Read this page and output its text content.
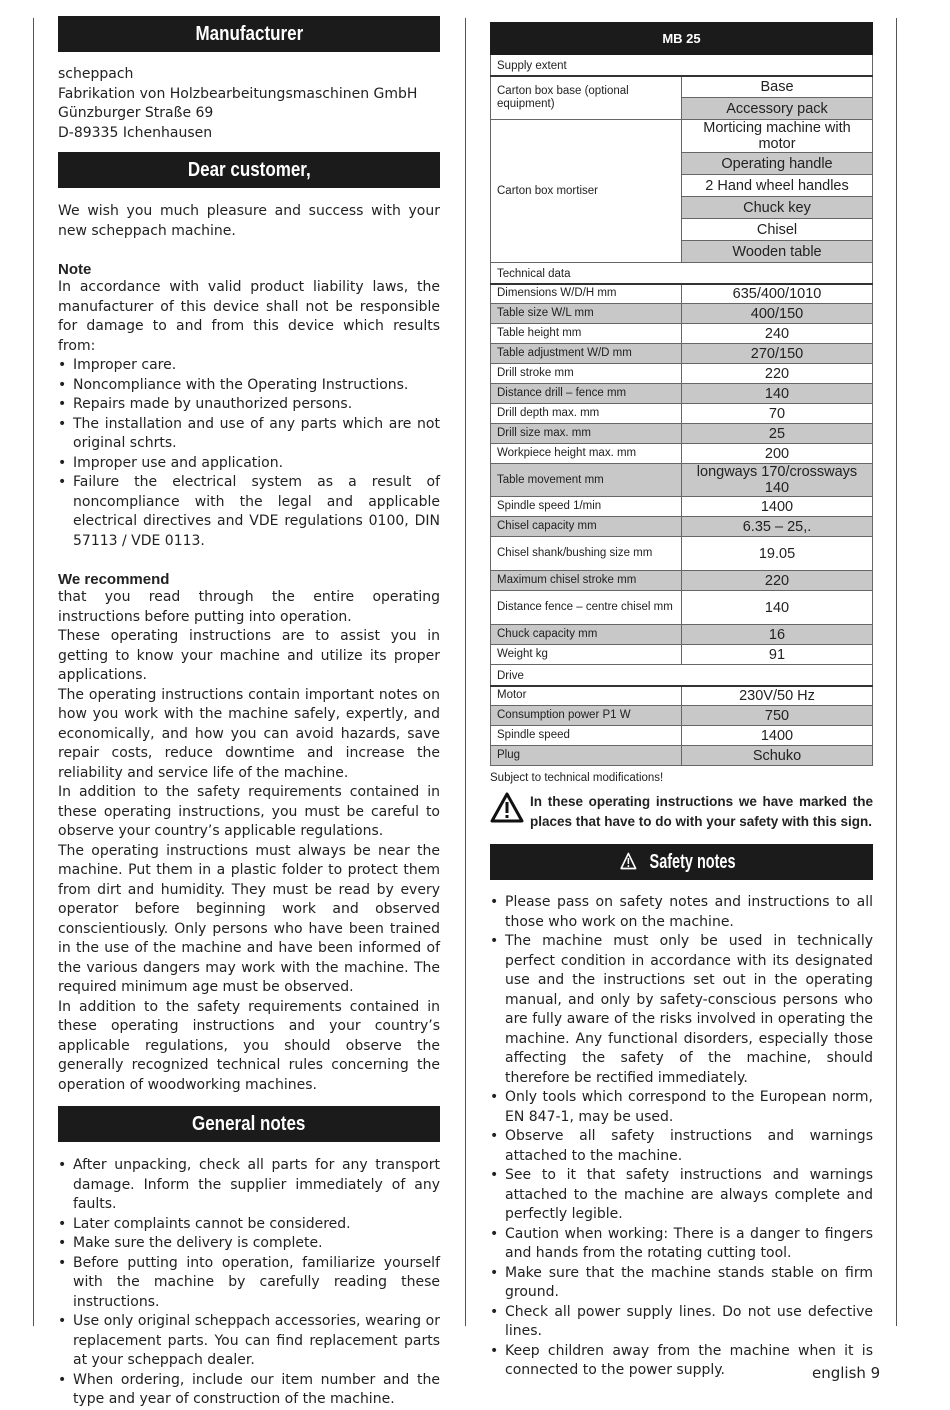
Manufacturer
scheppach
Fabrikation von Holzbearbeitungsmaschinen GmbH
Günzburger Straße 69
D-89335 Ichenhausen
Dear customer,

We wish you much pleasure and success with your new scheppach machine.

Note

In accordance with valid product liability laws, the manufacturer of this device shall not be responsible for damage to and from this device which results from:

• Improper care.
• Noncompliance with the Operating Instructions.
• Repairs made by unauthorized persons.
• The installation and use of any parts which are not original schrts.
• Improper use and application.
• Failure the electrical system as a result of noncompliance with the legal and applicable electrical directives and VDE regulations 0100, DIN 57113 / VDE 0113.

We recommend

that you read through the entire operating instructions before putting into operation.

These operating instructions are to assist you in getting to know your machine and utilize its proper applications.

The operating instructions contain important notes on how you work with the machine safely, expertly, and economically, and how you can avoid hazards, save repair costs, reduce downtime and increase the reliability and service life of the machine.

In addition to the safety requirements contained in these operating instructions, you must be careful to observe your country’s applicable regulations.

The operating instructions must always be near the machine. Put them in a plastic folder to protect them from dirt and humidity. They must be read by every operator before beginning work and observed conscientiously. Only persons who have been trained in the use of the machine and have been informed of the various dangers may work with the machine. The required minimum age must be observed.

In addition to the safety requirements contained in these operating instructions and your country’s applicable regulations, you should observe the generally recognized technical rules concerning the operation of woodworking machines.

General notes
• After unpacking, check all parts for any transport damage. Inform the supplier immediately of any faults.
• Later complaints cannot be considered.
• Make sure the delivery is complete.
• Before putting into operation, familiarize yourself with the machine by carefully reading these instructions.
• Use only original scheppach accessories, wearing or replacement parts. You can find replacement parts at your scheppach dealer.
• When ordering, include our item number and the type and year of construction of the machine.
MB 25	
Supply extent	
Carton box base (optional equipment)	Base
	Accessory pack
Carton box mortiser	Morticing machine with motor
	Operating handle
	2 Hand wheel handles
	Chuck key
	Chisel
	Wooden table
Technical data	
Dimensions W/D/H mm	635/400/1010
Table size W/L mm	400/150
Table height mm	240
Table adjustment W/D mm	270/150
Drill stroke mm	220
Distance drill – fence mm	140
Drill depth max. mm	70
Drill size max. mm	25
Workpiece height max. mm	200
Table movement mm	longways 170/crossways 140
Spindle speed 1/min	1400
Chisel capacity mm	6.35 – 25,.
Chisel shank/bushing size mm	19.05
Maximum chisel stroke mm	220
Distance fence – centre chisel mm	140
Chuck capacity mm	16
Weight kg	91
Drive	
Motor	230V/50 Hz
Consumption power P1 W	750
Spindle speed	1400
Plug	Schuko

Subject to technical modifications!

In these operating instructions we have marked the places that have to do with your safety with this sign.

Safety notes
• Please pass on safety notes and instructions to all those who work on the machine.
• The machine must only be used in technically perfect condition in accordance with its designated use and the instructions set out in the operating manual, and only by safety-conscious persons who are fully aware of the risks involved in operating the machine. Any functional disorders, especially those affecting the safety of the machine, should therefore be rectified immediately.
• Only tools which correspond to the European norm, EN 847-1, may be used.
• Observe all safety instructions and warnings attached to the machine.
• See to it that safety instructions and warnings attached to the machine are always complete and perfectly legible.
• Caution when working: There is a danger to fingers and hands from the rotating cutting tool.
• Make sure that the machine stands stable on firm ground.
• Check all power supply lines. Do not use defective lines.
• Keep children away from the machine when it is connected to the power supply.	english 9
